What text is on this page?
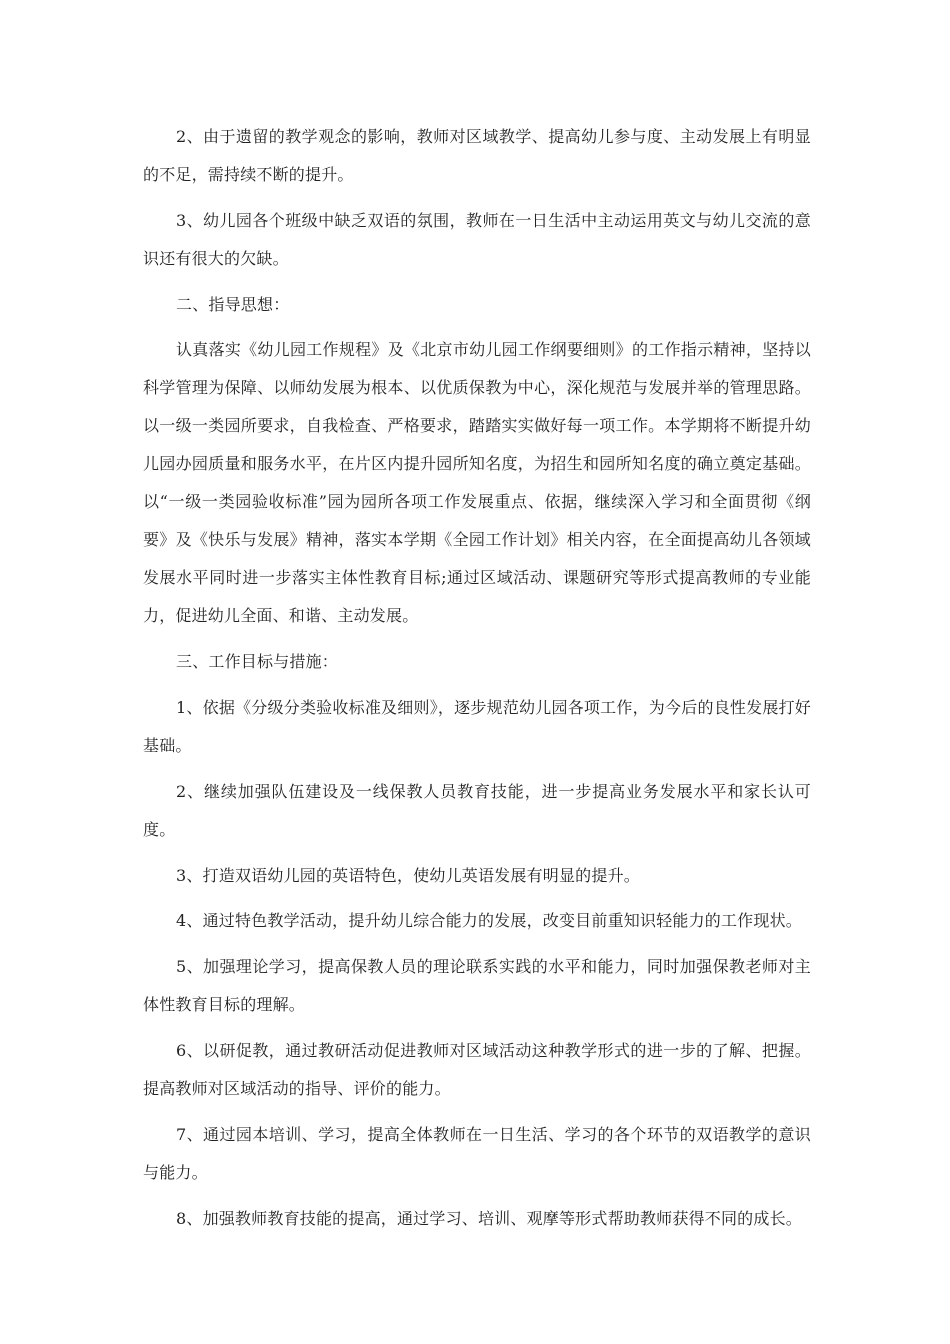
2、由于遗留的教学观念的影响，教师对区域教学、提高幼儿参与度、主动发展上有明显的不足，需持续不断的提升。

3、幼儿园各个班级中缺乏双语的氛围，教师在一日生活中主动运用英文与幼儿交流的意识还有很大的欠缺。

二、指导思想：

认真落实《幼儿园工作规程》及《北京市幼儿园工作纲要细则》的工作指示精神，坚持以科学管理为保障、以师幼发展为根本、以优质保教为中心，深化规范与发展并举的管理思路。以一级一类园所要求，自我检查、严格要求，踏踏实实做好每一项工作。本学期将不断提升幼儿园办园质量和服务水平，在片区内提升园所知名度，为招生和园所知名度的确立奠定基础。以“一级一类园验收标准”园为园所各项工作发展重点、依据，继续深入学习和全面贯彻《纲要》及《快乐与发展》精神，落实本学期《全园工作计划》相关内容，在全面提高幼儿各领域发展水平同时进一步落实主体性教育目标;通过区域活动、课题研究等形式提高教师的专业能力，促进幼儿全面、和谐、主动发展。

三、工作目标与措施：

1、依据《分级分类验收标准及细则》，逐步规范幼儿园各项工作，为今后的良性发展打好基础。

2、继续加强队伍建设及一线保教人员教育技能，进一步提高业务发展水平和家长认可度。

3、打造双语幼儿园的英语特色，使幼儿英语发展有明显的提升。

4、通过特色教学活动，提升幼儿综合能力的发展，改变目前重知识轻能力的工作现状。

5、加强理论学习，提高保教人员的理论联系实践的水平和能力，同时加强保教老师对主体性教育目标的理解。

6、以研促教，通过教研活动促进教师对区域活动这种教学形式的进一步的了解、把握。提高教师对区域活动的指导、评价的能力。

7、通过园本培训、学习，提高全体教师在一日生活、学习的各个环节的双语教学的意识与能力。

8、加强教师教育技能的提高，通过学习、培训、观摩等形式帮助教师获得不同的成长。
